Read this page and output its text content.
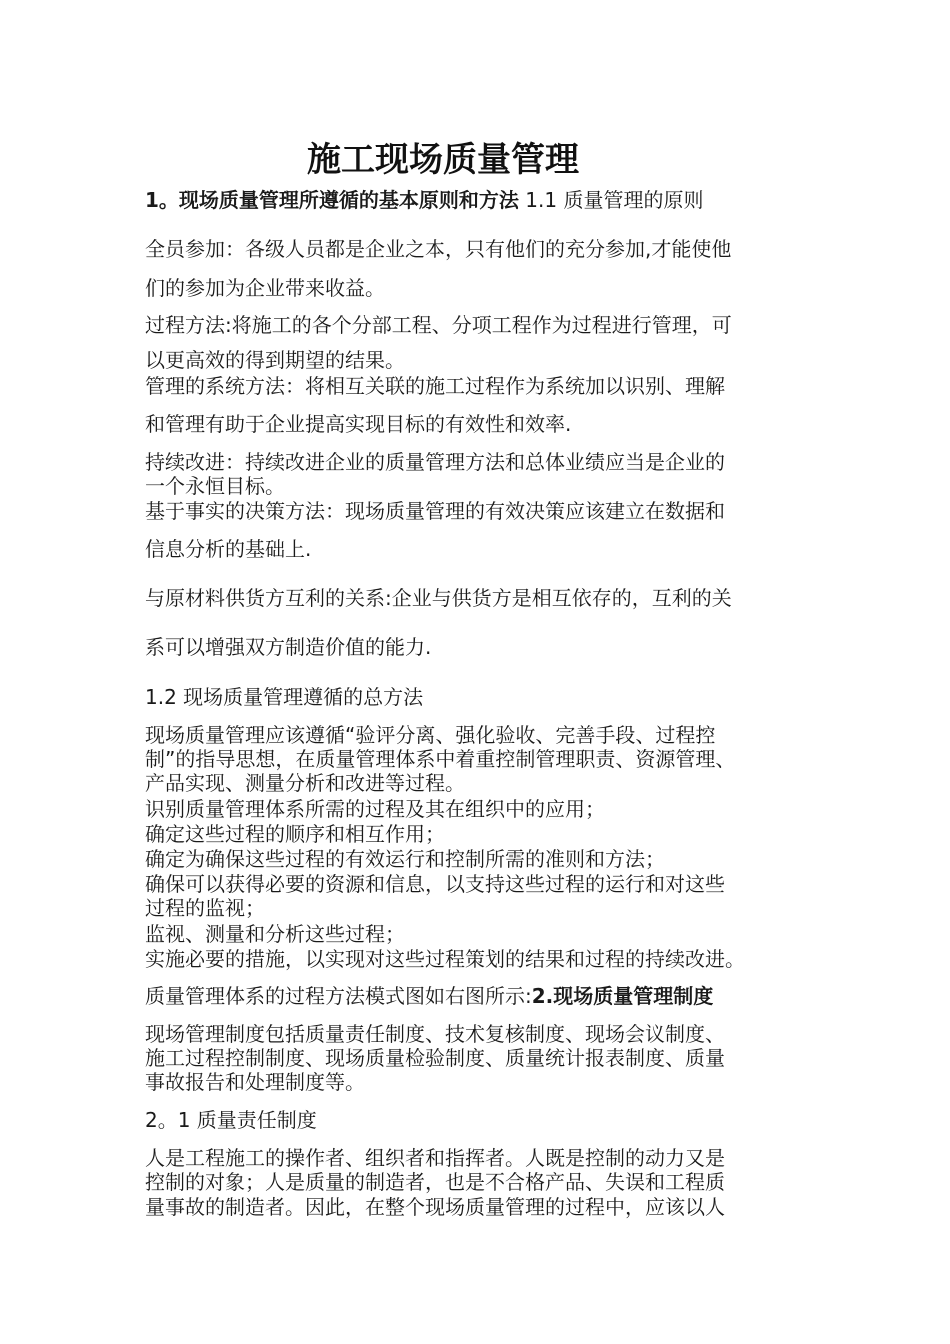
施工现场质量管理
1。现场质量管理所遵循的基本原则和方法 1.1 质量管理的原则
全员参加：各级人员都是企业之本，只有他们的充分参加,才能使他
们的参加为企业带来收益。
过程方法:将施工的各个分部工程、分项工程作为过程进行管理，可
以更高效的得到期望的结果。
管理的系统方法：将相互关联的施工过程作为系统加以识别、理解
和管理有助于企业提高实现目标的有效性和效率.
持续改进：持续改进企业的质量管理方法和总体业绩应当是企业的
一个永恒目标。
基于事实的决策方法：现场质量管理的有效决策应该建立在数据和
信息分析的基础上.
与原材料供货方互利的关系:企业与供货方是相互依存的，互利的关
系可以增强双方制造价值的能力.
1.2 现场质量管理遵循的总方法
现场质量管理应该遵循“验评分离、强化验收、完善手段、过程控
制”的指导思想，在质量管理体系中着重控制管理职责、资源管理、
产品实现、测量分析和改进等过程。
识别质量管理体系所需的过程及其在组织中的应用；
确定这些过程的顺序和相互作用；
确定为确保这些过程的有效运行和控制所需的准则和方法；
确保可以获得必要的资源和信息，以支持这些过程的运行和对这些
过程的监视；
监视、测量和分析这些过程；
实施必要的措施，以实现对这些过程策划的结果和过程的持续改进。
质量管理体系的过程方法模式图如右图所示:2.现场质量管理制度
现场管理制度包括质量责任制度、技术复核制度、现场会议制度、
施工过程控制制度、现场质量检验制度、质量统计报表制度、质量
事故报告和处理制度等。
2。1 质量责任制度
人是工程施工的操作者、组织者和指挥者。人既是控制的动力又是
控制的对象；人是质量的制造者，也是不合格产品、失误和工程质
量事故的制造者。因此，在整个现场质量管理的过程中，应该以人
